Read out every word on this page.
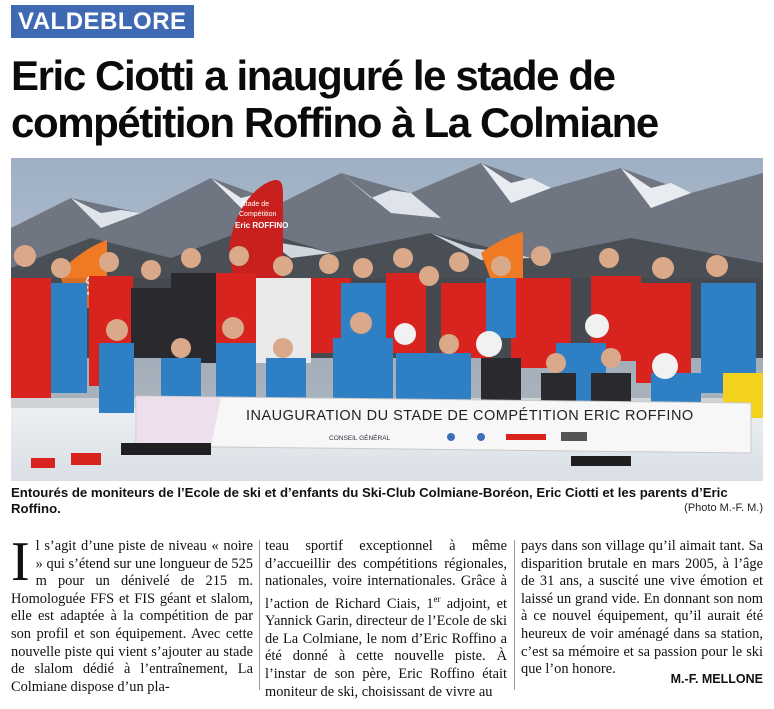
VALDEBLORE
Eric Ciotti a inauguré le stade de
compétition Roffino à La Colmiane
Stade de
Compétition
Eric ROFFINO
INAUGURATION DU STADE DE COMPÉTITION ERIC ROFFINO
CONSEIL GÉNÉRAL

Entourés de moniteurs de l’Ecole de ski et d’enfants du Ski-Club Colmiane-Boréon, Eric Ciotti et les parents d’Eric Roffino.	(Photo M.-F. M.)
I l s’agit d’une piste de niveau « noire » qui s’étend sur une longueur de 525 m pour un dénivelé de 215 m. Homologuée FFS et FIS géant et slalom, elle est adaptée à la compétition de par son profil et son équipement. Avec cette nouvelle piste qui vient s’ajouter au stade de slalom dédié à l’entraînement, La Colmiane dispose d’un pla-
teau sportif exceptionnel à même d’accueillir des compétitions régionales, nationales, voire internationales. Grâce à l’action de Richard Ciais, 1er adjoint, et Yannick Garin, directeur de l’Ecole de ski de La Colmiane, le nom d’Eric Roffino a été donné à cette nouvelle piste. À l’instar de son père, Eric Roffino était moniteur de ski, choisissant de vivre au
pays dans son village qu’il aimait tant. Sa disparition brutale en mars 2005, à l’âge de 31 ans, a suscité une vive émotion et laissé un grand vide. En donnant son nom à ce nouvel équipement, qu’il aurait été heureux de voir aménagé dans sa station, c’est sa mémoire et sa passion pour le ski que l’on honore.
M.-F. MELLONE
